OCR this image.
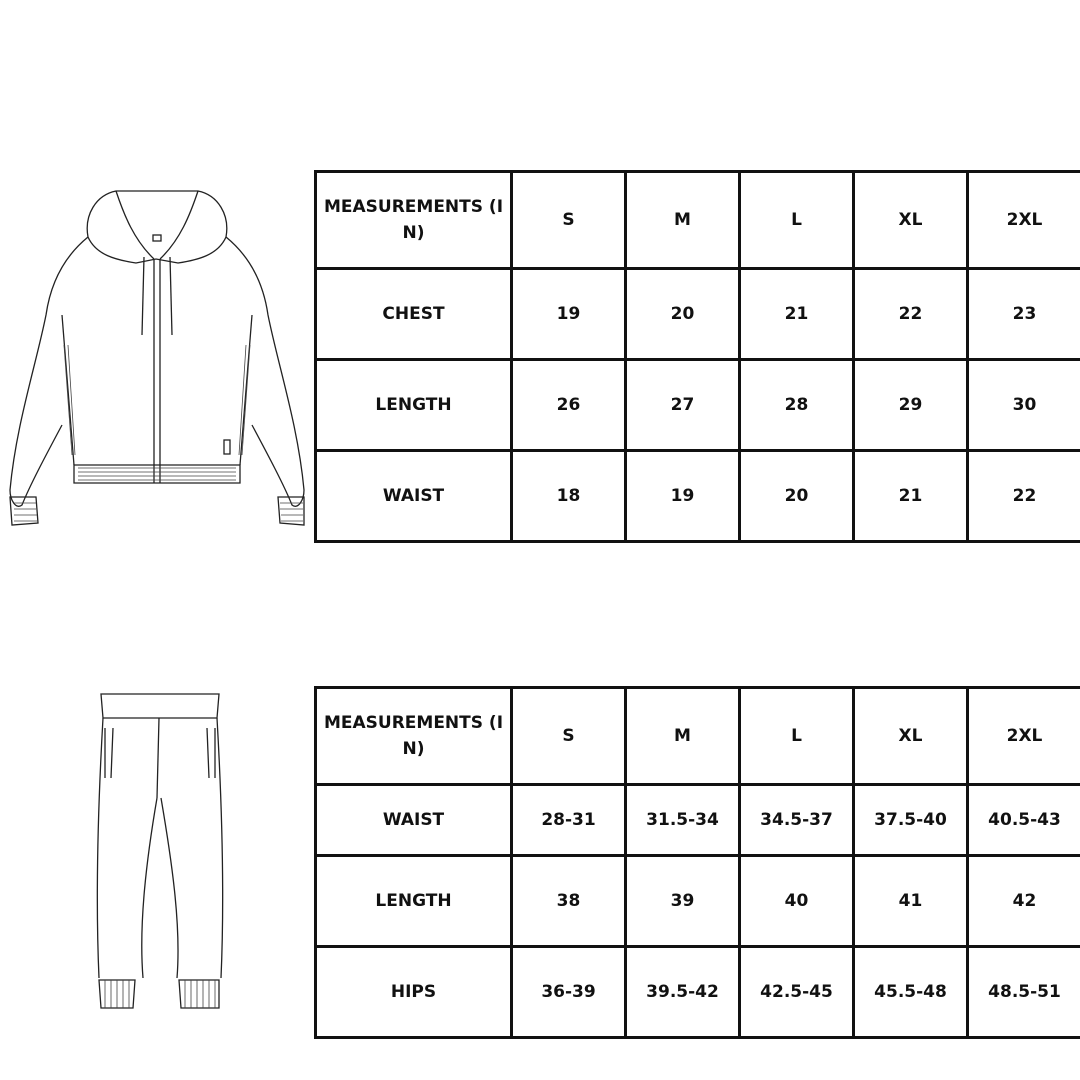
MEASUREMENTS (IN)	S	M	L	XL	2XL
CHEST	19	20	21	22	23
LENGTH	26	27	28	29	30
WAIST	18	19	20	21	22
MEASUREMENTS (IN)	S	M	L	XL	2XL
WAIST	28-31	31.5-34	34.5-37	37.5-40	40.5-43
LENGTH	38	39	40	41	42
HIPS	36-39	39.5-42	42.5-45	45.5-48	48.5-51
